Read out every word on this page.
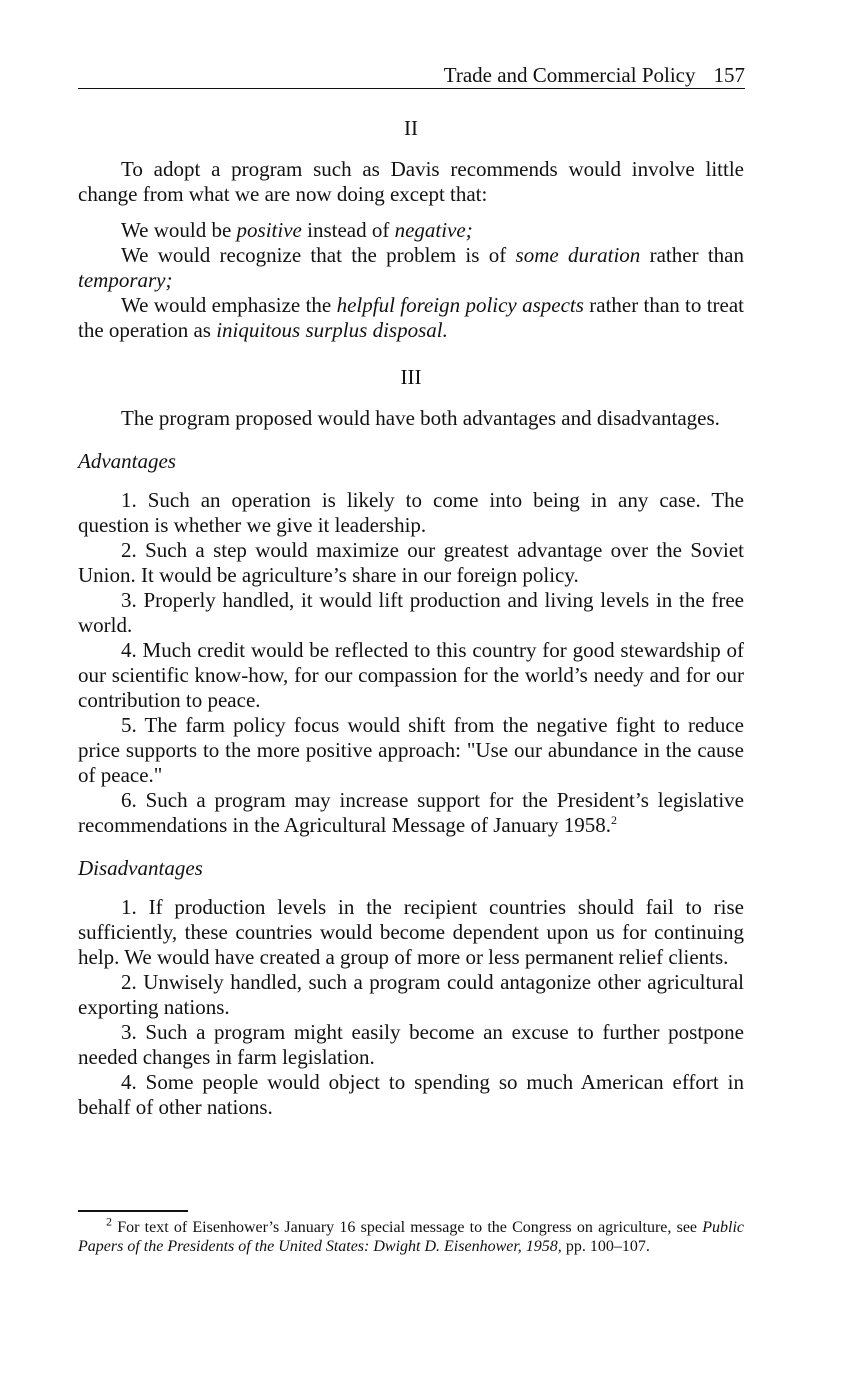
Trade and Commercial Policy 157

II

To adopt a program such as Davis recommends would involve little change from what we are now doing except that:

We would be positive instead of negative;

We would recognize that the problem is of some duration rather than temporary;

We would emphasize the helpful foreign policy aspects rather than to treat the operation as iniquitous surplus disposal.

III

The program proposed would have both advantages and disadvantages.

Advantages

1. Such an operation is likely to come into being in any case. The question is whether we give it leadership.

2. Such a step would maximize our greatest advantage over the Soviet Union. It would be agriculture’s share in our foreign policy.

3. Properly handled, it would lift production and living levels in the free world.

4. Much credit would be reflected to this country for good stewardship of our scientific know-how, for our compassion for the world’s needy and for our contribution to peace.

5. The farm policy focus would shift from the negative fight to reduce price supports to the more positive approach: "Use our abundance in the cause of peace."

6. Such a program may increase support for the President’s legislative recommendations in the Agricultural Message of January 1958.$^2$

Disadvantages

1. If production levels in the recipient countries should fail to rise sufficiently, these countries would become dependent upon us for continuing help. We would have created a group of more or less permanent relief clients.

2. Unwisely handled, such a program could antagonize other agricultural exporting nations.

3. Such a program might easily become an excuse to further postpone needed changes in farm legislation.

4. Some people would object to spending so much American effort in behalf of other nations.

$^2$ For text of Eisenhower’s January 16 special message to the Congress on agriculture, see Public Papers of the Presidents of the United States: Dwight D. Eisenhower, 1958, pp. 100–107.
